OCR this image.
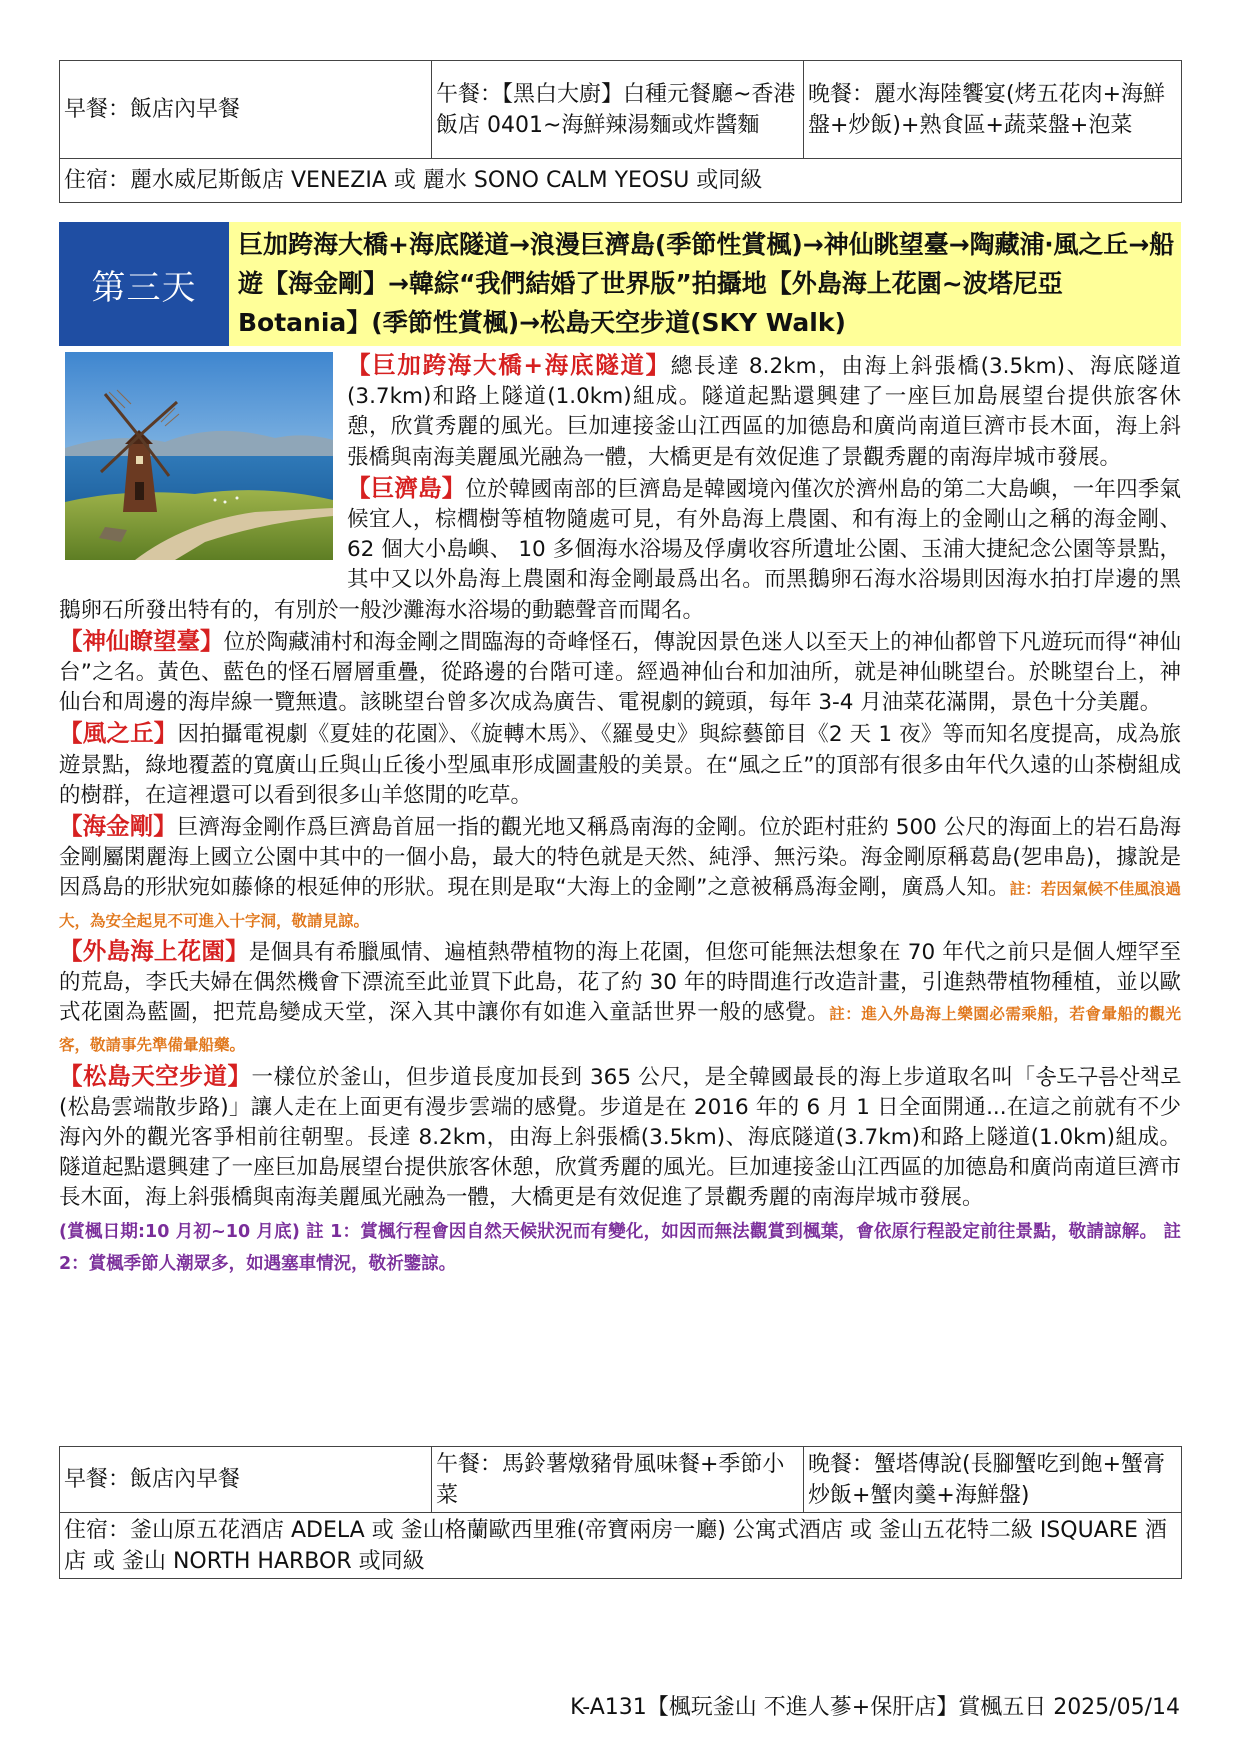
早餐：飯店內早餐	午餐：【黑白大廚】白種元餐廳~香港飯店 0401~海鮮辣湯麵或炸醬麵	晚餐：麗水海陸饗宴(烤五花肉+海鮮盤+炒飯)+熟食區+蔬菜盤+泡菜
住宿：麗水威尼斯飯店 VENEZIA 或 麗水 SONO CALM YEOSU 或同級
第三天
巨加跨海大橋+海底隧道→浪漫巨濟島(季節性賞楓)→神仙眺望臺→陶藏浦‧風之丘→船遊【海金剛】→韓綜“我們結婚了世界版”拍攝地【外島海上花園~波塔尼亞 Botania】(季節性賞楓)→松島天空步道(SKY Walk)

【巨加跨海大橋+海底隧道】總長達 8.2km，由海上斜張橋(3.5km)、海底隧道(3.7km)和路上隧道(1.0km)組成。隧道起點還興建了一座巨加島展望台提供旅客休憩，欣賞秀麗的風光。巨加連接釜山江西區的加德島和廣尚南道巨濟市長木面，海上斜張橋與南海美麗風光融為一體，大橋更是有效促進了景觀秀麗的南海岸城市發展。

【巨濟島】位於韓國南部的巨濟島是韓國境內僅次於濟州島的第二大島嶼，一年四季氣候宜人，棕櫚樹等植物隨處可見，有外島海上農園、和有海上的金剛山之稱的海金剛、62 個大小島嶼、 10 多個海水浴場及俘虜收容所遺址公園、玉浦大捷紀念公園等景點，其中又以外島海上農園和海金剛最爲出名。而黑鵝卵石海水浴場則因海水拍打岸邊的黑鵝卵石所發出特有的，有別於一般沙灘海水浴場的動聽聲音而聞名。

【神仙瞭望臺】位於陶藏浦村和海金剛之間臨海的奇峰怪石，傳說因景色迷人以至天上的神仙都曾下凡遊玩而得“神仙台”之名。黃色、藍色的怪石層層重疊，從路邊的台階可達。經過神仙台和加油所，就是神仙眺望台。於眺望台上，神仙台和周邊的海岸線一覽無遺。該眺望台曾多次成為廣告、電視劇的鏡頭，每年 3-4 月油菜花滿開，景色十分美麗。

【風之丘】因拍攝電視劇《夏娃的花園》、《旋轉木馬》、《羅曼史》與綜藝節目《2 天 1 夜》等而知名度提高，成為旅遊景點，綠地覆蓋的寬廣山丘與山丘後小型風車形成圖畫般的美景。在“風之丘”的頂部有很多由年代久遠的山茶樹組成的樹群，在這裡還可以看到很多山羊悠閒的吃草。

【海金剛】巨濟海金剛作爲巨濟島首屈一指的觀光地又稱爲南海的金剛。位於距村莊約 500 公尺的海面上的岩石島海金剛屬閑麗海上國立公園中其中的一個小島，最大的特色就是天然、純淨、無污染。海金剛原稱葛島(乫串島)，據說是因爲島的形狀宛如藤條的根延伸的形狀。現在則是取“大海上的金剛”之意被稱爲海金剛，廣爲人知。註：若因氣候不佳風浪過大，為安全起見不可進入十字洞，敬請見諒。

【外島海上花園】是個具有希臘風情、遍植熱帶植物的海上花園，但您可能無法想象在 70 年代之前只是個人煙罕至的荒島，李氏夫婦在偶然機會下漂流至此並買下此島，花了約 30 年的時間進行改造計畫，引進熱帶植物種植，並以歐式花園為藍圖，把荒島變成天堂，深入其中讓你有如進入童話世界一般的感覺。註：進入外島海上樂園必需乘船，若會暈船的觀光客，敬請事先準備暈船藥。

【松島天空步道】一樣位於釜山，但步道長度加長到 365 公尺，是全韓國最長的海上步道取名叫「송도구름산책로(松島雲端散步路)」讓人走在上面更有漫步雲端的感覺。步道是在 2016 年的 6 月 1 日全面開通...在這之前就有不少海內外的觀光客爭相前往朝聖。長達 8.2km，由海上斜張橋(3.5km)、海底隧道(3.7km)和路上隧道(1.0km)組成。隧道起點還興建了一座巨加島展望台提供旅客休憩，欣賞秀麗的風光。巨加連接釜山江西區的加德島和廣尚南道巨濟市長木面，海上斜張橋與南海美麗風光融為一體，大橋更是有效促進了景觀秀麗的南海岸城市發展。

(賞楓日期:10 月初~10 月底) 註 1：賞楓行程會因自然天候狀況而有變化，如因而無法觀賞到楓葉，會依原行程設定前往景點，敬請諒解。 註 2：賞楓季節人潮眾多，如遇塞車情況，敬祈鑒諒。

早餐：飯店內早餐	午餐：馬鈴薯燉豬骨風味餐+季節小菜	晚餐：蟹塔傳說(長腳蟹吃到飽+蟹膏炒飯+蟹肉羹+海鮮盤)
住宿：釜山原五花酒店 ADELA 或 釜山格蘭歐西里雅(帝寶兩房一廳) 公寓式酒店 或 釜山五花特二級 ISQUARE 酒店 或 釜山 NORTH HARBOR 或同級
K-A131【楓玩釜山 不進人蔘+保肝店】賞楓五日 2025/05/14
